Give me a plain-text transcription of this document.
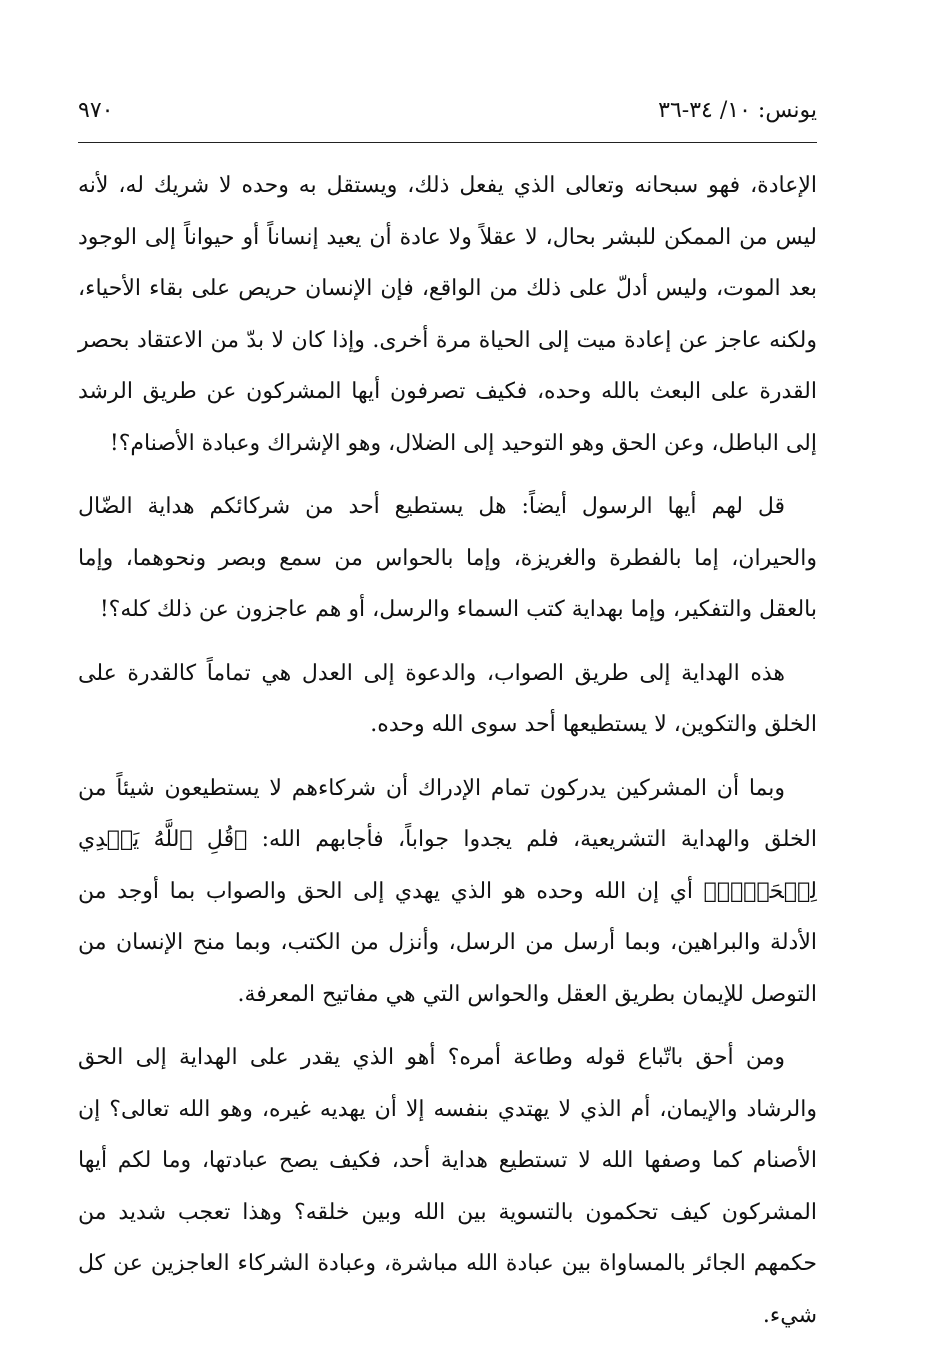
يونس: ١٠/ ٣٤-٣٦
٩٧٠

الإعادة، فهو سبحانه وتعالى الذي يفعل ذلك، ويستقل به وحده لا شريك له، لأنه ليس من الممكن للبشر بحال، لا عقلاً ولا عادة أن يعيد إنساناً أو حيواناً إلى الوجود بعد الموت، وليس أدلّ على ذلك من الواقع، فإن الإنسان حريص على بقاء الأحياء، ولكنه عاجز عن إعادة ميت إلى الحياة مرة أخرى. وإذا كان لا بدّ من الاعتقاد بحصر القدرة على البعث بالله وحده، فكيف تصرفون أيها المشركون عن طريق الرشد إلى الباطل، وعن الحق وهو التوحيد إلى الضلال، وهو الإشراك وعبادة الأصنام؟!

قل لهم أيها الرسول أيضاً: هل يستطيع أحد من شركائكم هداية الضّال والحيران، إما بالفطرة والغريزة، وإما بالحواس من سمع وبصر ونحوهما، وإما بالعقل والتفكير، وإما بهداية كتب السماء والرسل، أو هم عاجزون عن ذلك كله؟!

هذه الهداية إلى طريق الصواب، والدعوة إلى العدل هي تماماً كالقدرة على الخلق والتكوين، لا يستطيعها أحد سوى الله وحده.

وبما أن المشركين يدركون تمام الإدراك أن شركاءهم لا يستطيعون شيئاً من الخلق والهداية التشريعية، فلم يجدوا جواباً، فأجابهم الله: ﴿قُلِ ٱللَّهُ يَهۡدِي لِلۡحَقِّۗ﴾ أي إن الله وحده هو الذي يهدي إلى الحق والصواب بما أوجد من الأدلة والبراهين، وبما أرسل من الرسل، وأنزل من الكتب، وبما منح الإنسان من التوصل للإيمان بطريق العقل والحواس التي هي مفاتيح المعرفة.

ومن أحق باتّباع قوله وطاعة أمره؟ أهو الذي يقدر على الهداية إلى الحق والرشاد والإيمان، أم الذي لا يهتدي بنفسه إلا أن يهديه غيره، وهو الله تعالى؟ إن الأصنام كما وصفها الله لا تستطيع هداية أحد، فكيف يصح عبادتها، وما لكم أيها المشركون كيف تحكمون بالتسوية بين الله وبين خلقه؟ وهذا تعجب شديد من حكمهم الجائر بالمساواة بين عبادة الله مباشرة، وعبادة الشركاء العاجزين عن كل شيء.
